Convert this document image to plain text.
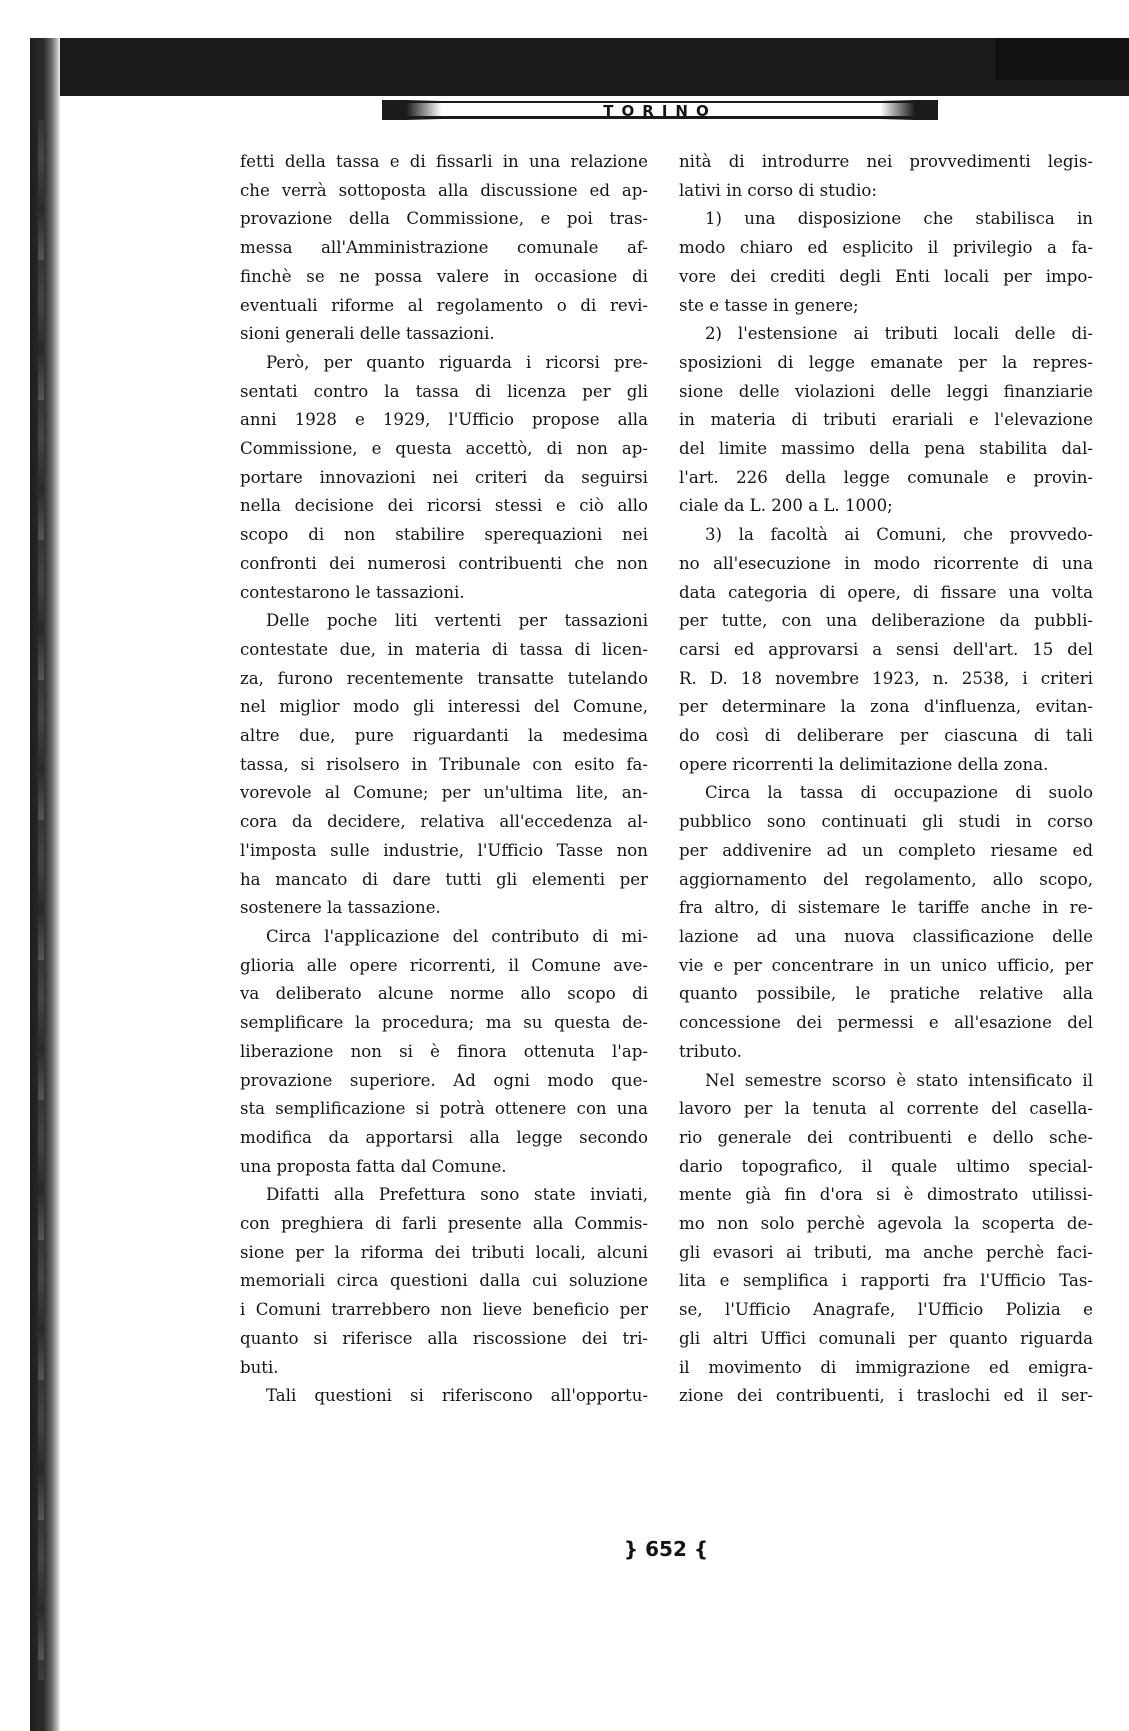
TORINO
fetti della tassa e di fissarli in una relazione
che verrà sottoposta alla discussione ed ap-
provazione della Commissione, e poi tras-
messa all'Amministrazione comunale af-
finchè se ne possa valere in occasione di
eventuali riforme al regolamento o di revi-
sioni generali delle tassazioni.
Però, per quanto riguarda i ricorsi pre-
sentati contro la tassa di licenza per gli
anni 1928 e 1929, l'Ufficio propose alla
Commissione, e questa accettò, di non ap-
portare innovazioni nei criteri da seguirsi
nella decisione dei ricorsi stessi e ciò allo
scopo di non stabilire sperequazioni nei
confronti dei numerosi contribuenti che non
contestarono le tassazioni.
Delle poche liti vertenti per tassazioni
contestate due, in materia di tassa di licen-
za, furono recentemente transatte tutelando
nel miglior modo gli interessi del Comune,
altre due, pure riguardanti la medesima
tassa, si risolsero in Tribunale con esito fa-
vorevole al Comune; per un'ultima lite, an-
cora da decidere, relativa all'eccedenza al-
l'imposta sulle industrie, l'Ufficio Tasse non
ha mancato di dare tutti gli elementi per
sostenere la tassazione.
Circa l'applicazione del contributo di mi-
glioria alle opere ricorrenti, il Comune ave-
va deliberato alcune norme allo scopo di
semplificare la procedura; ma su questa de-
liberazione non si è finora ottenuta l'ap-
provazione superiore. Ad ogni modo que-
sta semplificazione si potrà ottenere con una
modifica da apportarsi alla legge secondo
una proposta fatta dal Comune.
Difatti alla Prefettura sono state inviati,
con preghiera di farli presente alla Commis-
sione per la riforma dei tributi locali, alcuni
memoriali circa questioni dalla cui soluzione
i Comuni trarrebbero non lieve beneficio per
quanto si riferisce alla riscossione dei tri-
buti.
Tali questioni si riferiscono all'opportu-
nità di introdurre nei provvedimenti legis-
lativi in corso di studio:
1) una disposizione che stabilisca in
modo chiaro ed esplicito il privilegio a fa-
vore dei crediti degli Enti locali per impo-
ste e tasse in genere;
2) l'estensione ai tributi locali delle di-
sposizioni di legge emanate per la repres-
sione delle violazioni delle leggi finanziarie
in materia di tributi erariali e l'elevazione
del limite massimo della pena stabilita dal-
l'art. 226 della legge comunale e provin-
ciale da L. 200 a L. 1000;
3) la facoltà ai Comuni, che provvedo-
no all'esecuzione in modo ricorrente di una
data categoria di opere, di fissare una volta
per tutte, con una deliberazione da pubbli-
carsi ed approvarsi a sensi dell'art. 15 del
R. D. 18 novembre 1923, n. 2538, i criteri
per determinare la zona d'influenza, evitan-
do così di deliberare per ciascuna di tali
opere ricorrenti la delimitazione della zona.
Circa la tassa di occupazione di suolo
pubblico sono continuati gli studi in corso
per addivenire ad un completo riesame ed
aggiornamento del regolamento, allo scopo,
fra altro, di sistemare le tariffe anche in re-
lazione ad una nuova classificazione delle
vie e per concentrare in un unico ufficio, per
quanto possibile, le pratiche relative alla
concessione dei permessi e all'esazione del
tributo.
Nel semestre scorso è stato intensificato il
lavoro per la tenuta al corrente del casella-
rio generale dei contribuenti e dello sche-
dario topografico, il quale ultimo special-
mente già fin d'ora si è dimostrato utilissi-
mo non solo perchè agevola la scoperta de-
gli evasori ai tributi, ma anche perchè faci-
lita e semplifica i rapporti fra l'Ufficio Tas-
se, l'Ufficio Anagrafe, l'Ufficio Polizia e
gli altri Uffici comunali per quanto riguarda
il movimento di immigrazione ed emigra-
zione dei contribuenti, i traslochi ed il ser-
} 652 {
